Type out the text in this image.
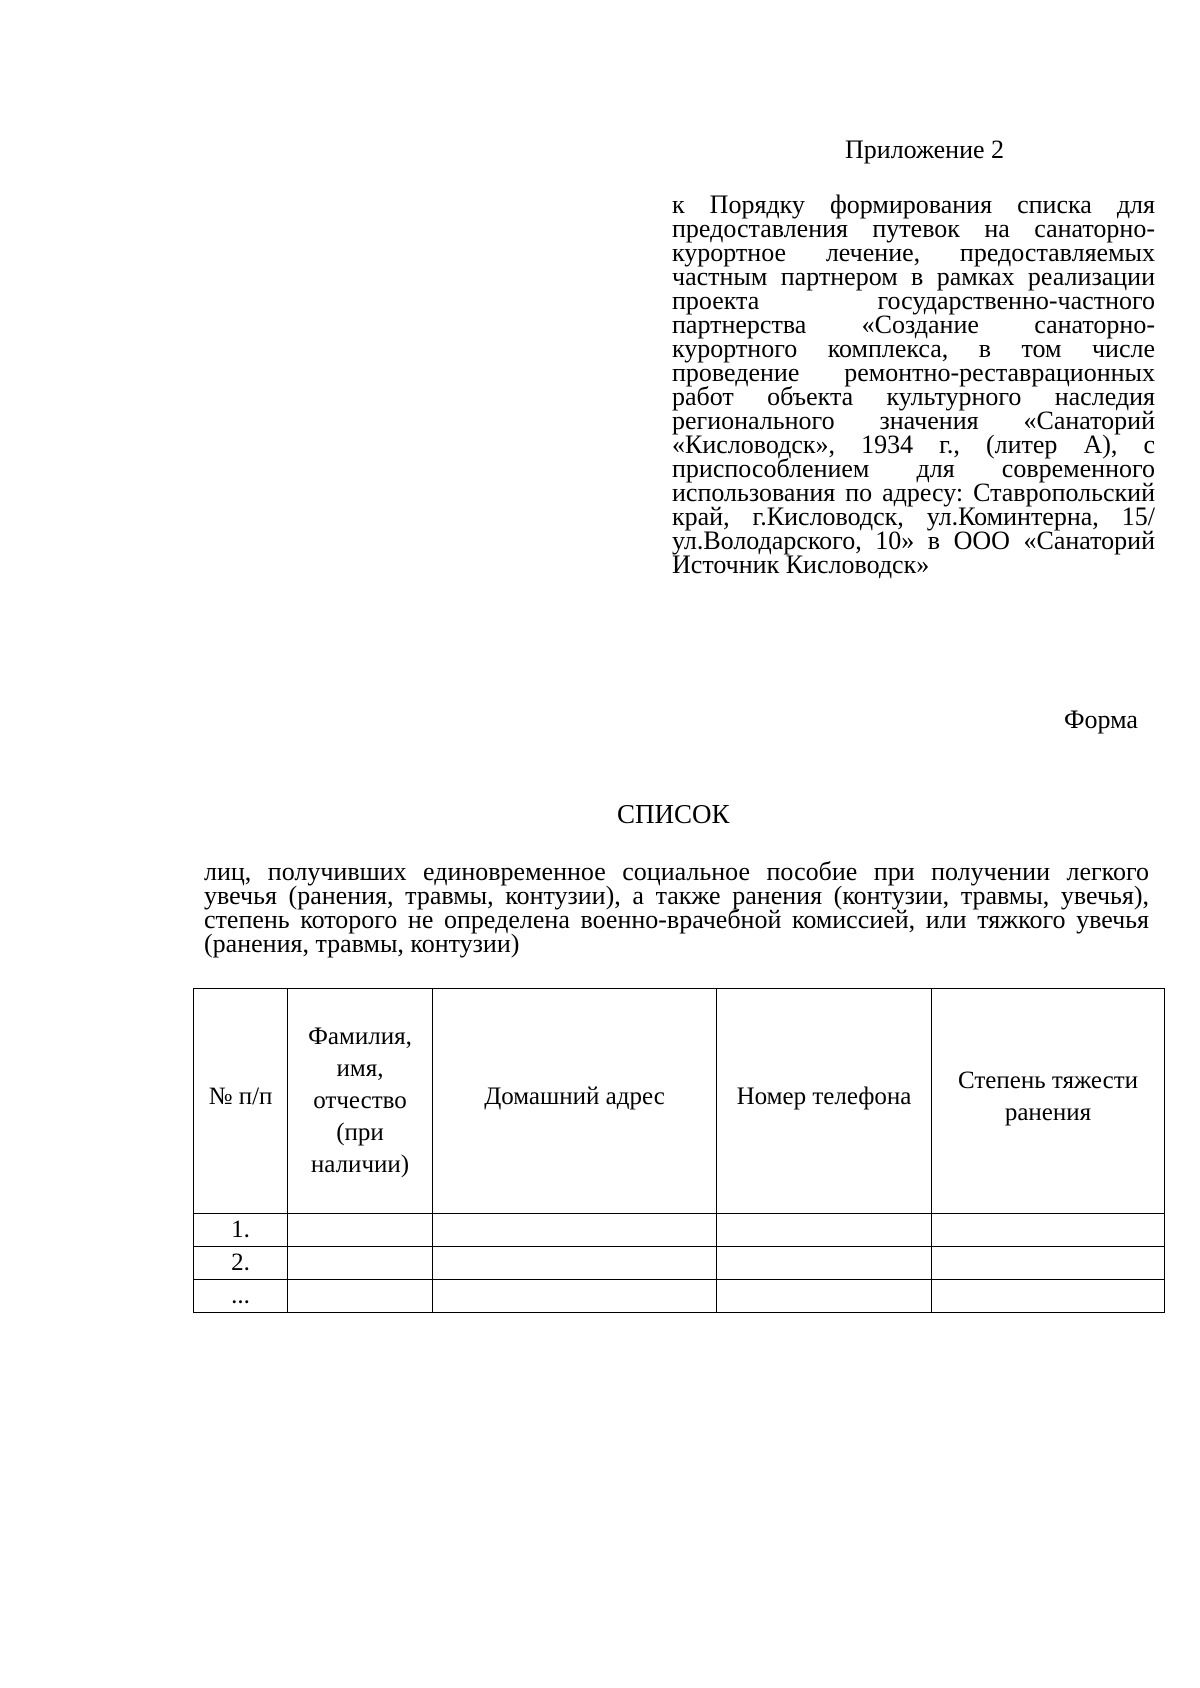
Приложение 2
к Порядку формирования списка для предоставления путевок на санаторно-курортное лечение, предоставляемых частным партнером в рамках реализации проекта государственно-частного партнерства «Создание санаторно-курортного комплекса, в том числе проведение ремонтно-реставрационных работ объекта культурного наследия регионального значения «Санаторий «Кисловодск», 1934 г., (литер А), с приспособлением для современного использования по адресу: Ставропольский край, г.Кисловодск, ул.Коминтерна, 15/ ул.Володарского, 10» в ООО «Санаторий Источник Кисловодск»
Форма
СПИСОК
лиц, получивших единовременное социальное пособие при получении легкого увечья (ранения, травмы, контузии), а также ранения (контузии, травмы, увечья), степень которого не определена военно-врачебной комиссией, или тяжкого увечья (ранения, травмы, контузии)
№ п/п	Фамилия, имя, отчество (при наличии)	Домашний адрес	Номер телефона	Степень тяжести ранения

1.				
2.				
...				
